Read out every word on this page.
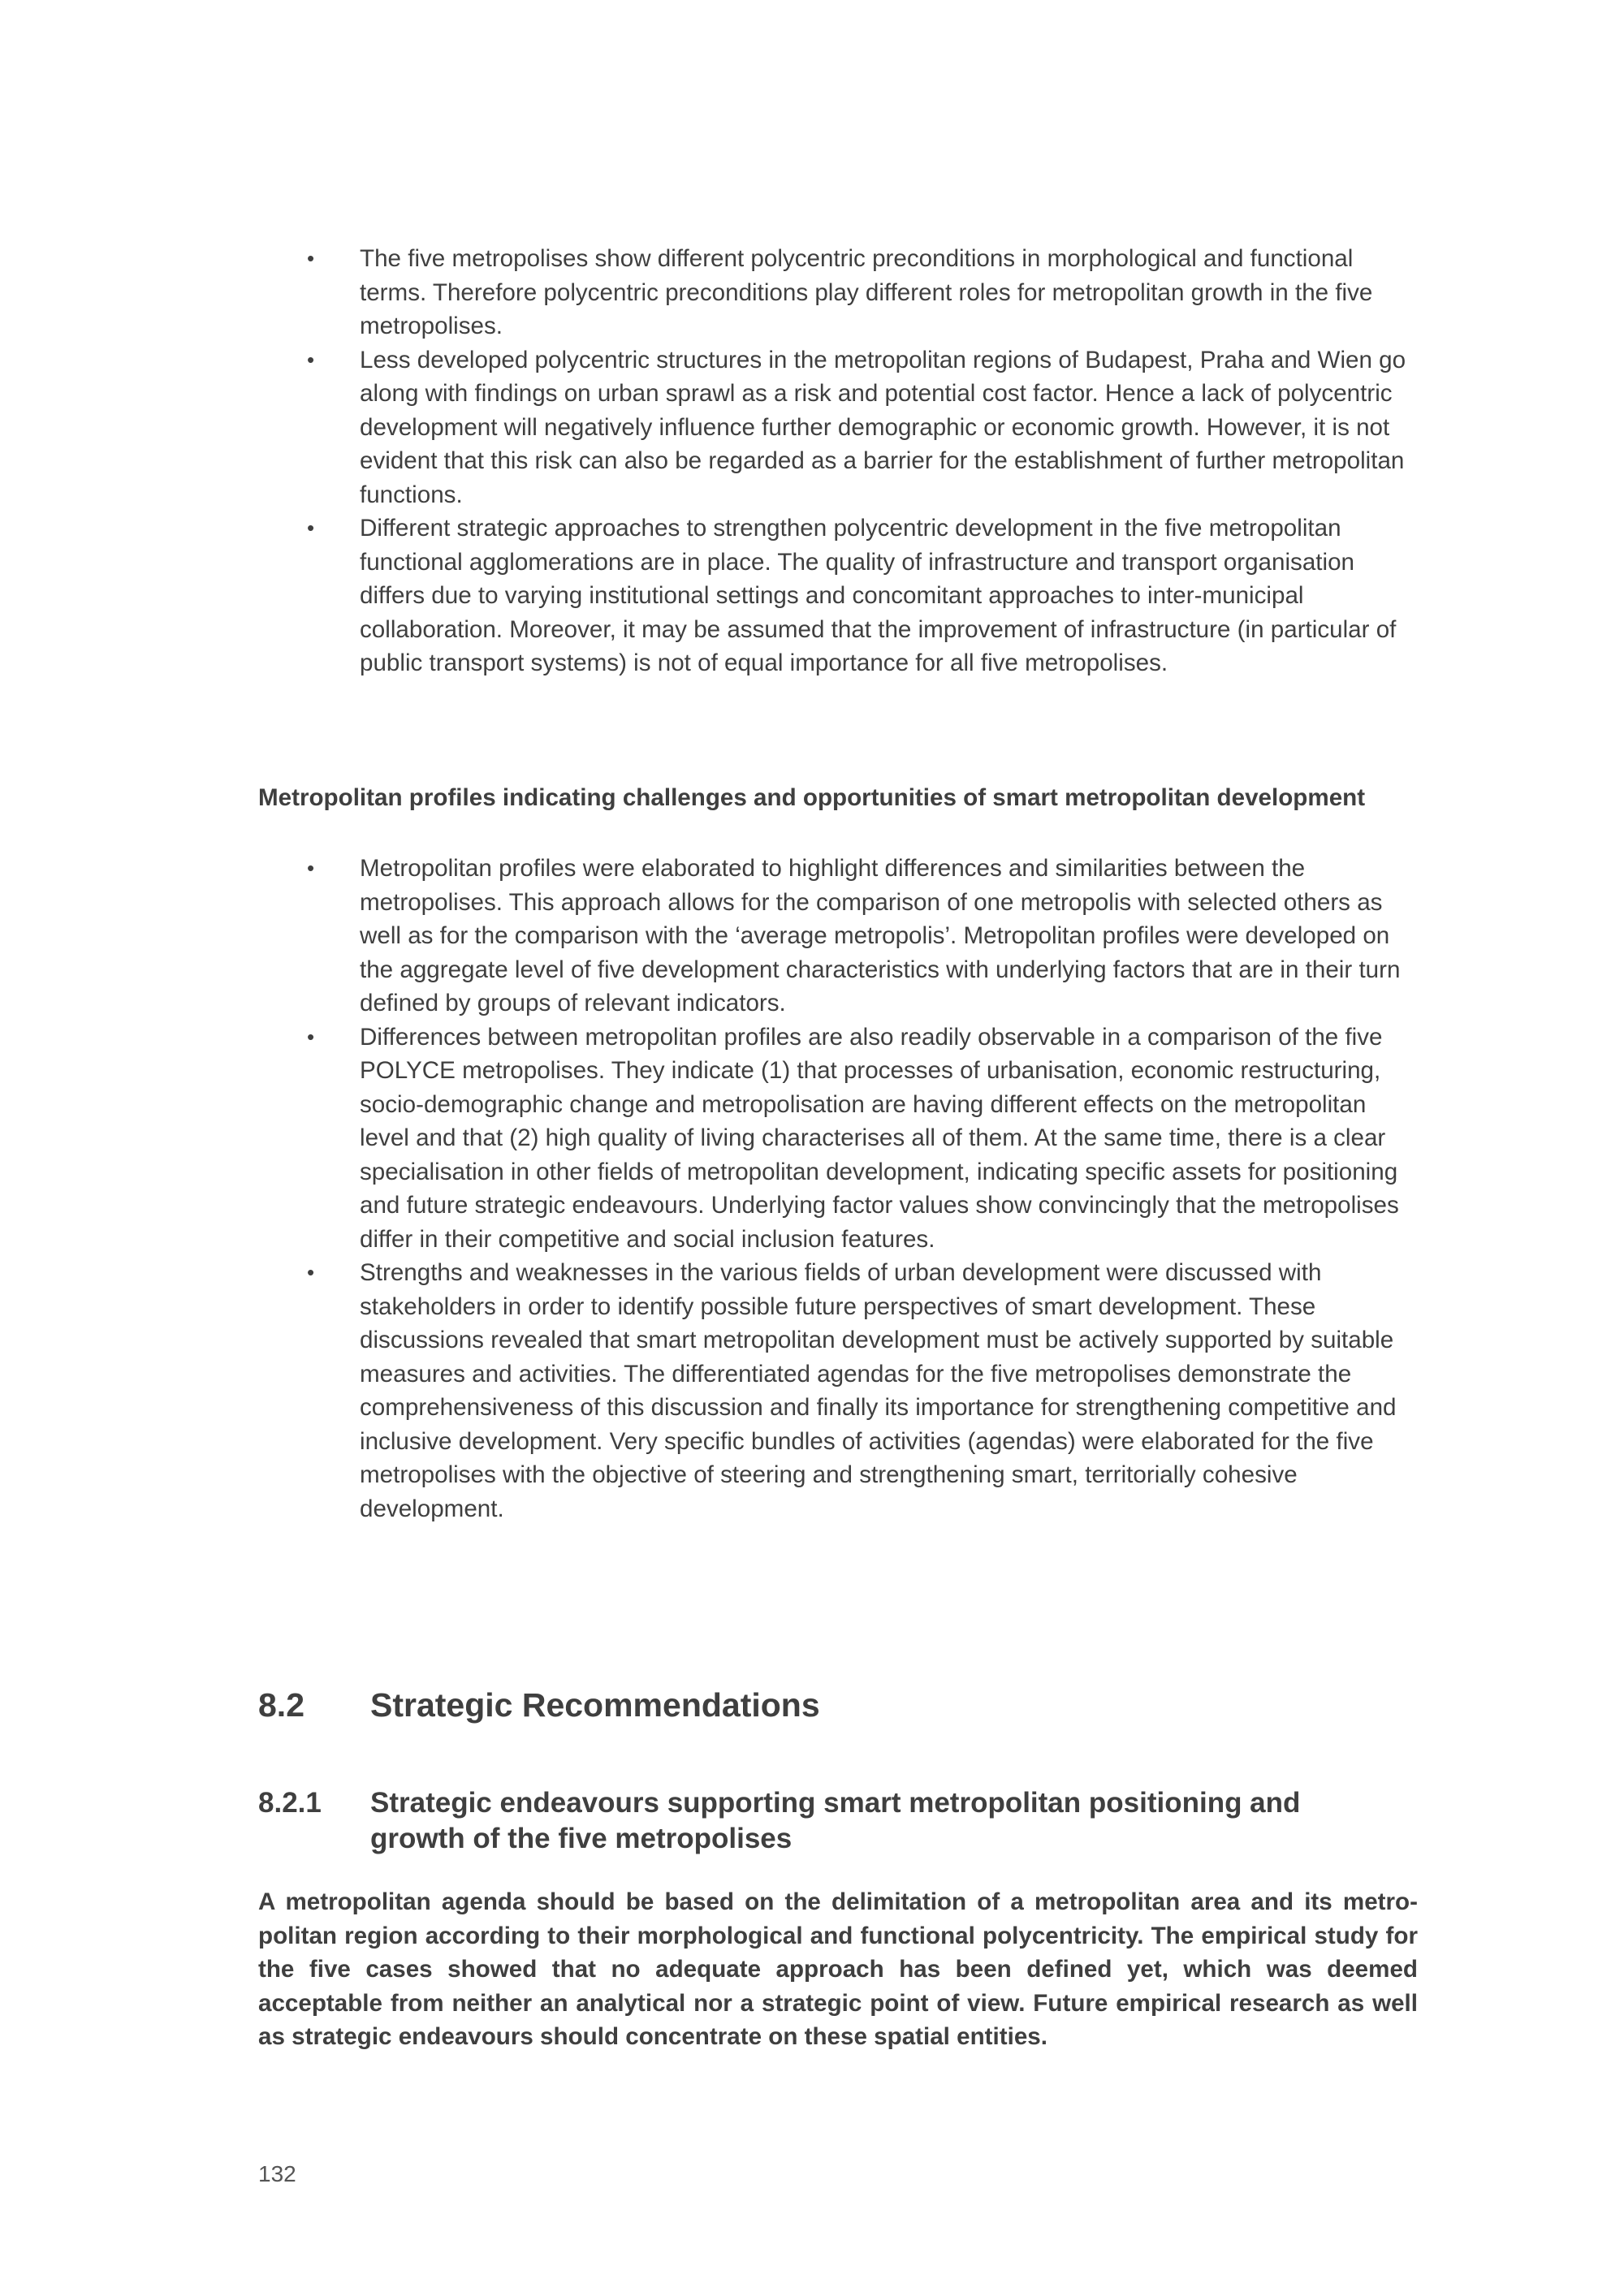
•	The five metropolises show different polycentric preconditions in morphological and functional terms. Therefore polycentric preconditions play different roles for metropolitan growth in the five metropolises.
•	Less developed polycentric structures in the metropolitan regions of Budapest, Praha and Wien go along with findings on urban sprawl as a risk and potential cost factor. Hence a lack of polycentric development will negatively influence further demographic or economic growth. However, it is not evident that this risk can also be regarded as a barrier for the establishment of further metropolitan functions.
•	Different strategic approaches to strengthen polycentric development in the five metropolitan functional agglomerations are in place. The quality of infrastructure and transport organisation differs due to varying institutional settings and concomitant approaches to inter-municipal collaboration. Moreover, it may be assumed that the improvement of infrastructure (in particular of public transport systems) is not of equal importance for all five metropolises.
Metropolitan profiles indicating challenges and opportunities of smart metropolitan development
•	Metropolitan profiles were elaborated to highlight differences and similarities between the metropolises. This approach allows for the comparison of one metropolis with selected others as well as for the comparison with the ‘average metropolis’. Metropolitan profiles were developed on the aggregate level of five development characteristics with underlying factors that are in their turn defined by groups of relevant indicators.
•	Differences between metropolitan profiles are also readily observable in a comparison of the five POLYCE metropolises. They indicate (1) that processes of urbanisation, economic restructuring, socio-demographic change and metropolisation are having different effects on the metropolitan level and that (2) high quality of living characterises all of them. At the same time, there is a clear specialisation in other fields of metropolitan development, indicating specific assets for positioning and future strategic endeavours. Underlying factor values show convincingly that the metropolises differ in their competitive and social inclusion features.
•	Strengths and weaknesses in the various fields of urban development were discussed with stakeholders in order to identify possible future perspectives of smart development. These discussions revealed that smart metropolitan development must be actively supported by suitable measures and activities. The differentiated agendas for the five metropolises demonstrate the comprehensiveness of this discussion and finally its importance for strengthening competitive and inclusive development. Very specific bundles of activities (agendas) were elaborated for the five metropolises with the objective of steering and strengthening smart, territorially cohesive development.
8.2 Strategic Recommendations
8.2.1 Strategic endeavours supporting smart metropolitan positioning and growth of the five metropolises

A metropolitan agenda should be based on the delimitation of a metropolitan area and its metro-politan region according to their morphological and functional polycentricity. The empirical study for the five cases showed that no adequate approach has been defined yet, which was deemed acceptable from neither an analytical nor a strategic point of view. Future empirical research as well as strategic endeavours should concentrate on these spatial entities.

132
